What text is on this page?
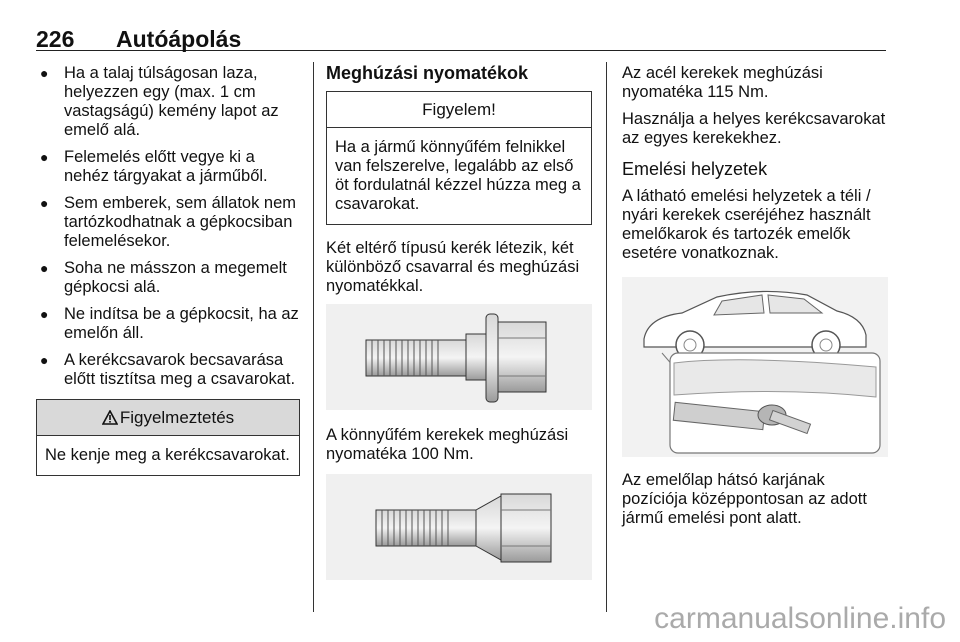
226 Autóápolás
● Ha a talaj túlságosan laza, helyezzen egy (max. 1 cm vastagságú) kemény lapot az emelő alá.
● Felemelés előtt vegye ki a nehéz tárgyakat a járműből.
● Sem emberek, sem állatok nem tartózkodhatnak a gépkocsiban felemelésekor.
● Soha ne másszon a megemelt gépkocsi alá.
● Ne indítsa be a gépkocsit, ha az emelőn áll.
● A kerékcsavarok becsavarása előtt tisztítsa meg a csavarokat.
Figyelmeztetés
Ne kenje meg a kerékcsavarokat.
Meghúzási nyomatékok
Figyelem!
Ha a jármű könnyűfém felnikkel van felszerelve, legalább az első öt fordulatnál kézzel húzza meg a csavarokat.

Két eltérő típusú kerék létezik, két különböző csavarral és meghúzási nyomatékkal.

A könnyűfém kerekek meghúzási nyomatéka 100 Nm.

Az acél kerekek meghúzási nyomatéka 115 Nm.

Használja a helyes kerékcsavarokat az egyes kerekekhez.

Emelési helyzetek

A látható emelési helyzetek a téli / nyári kerekek cseréjéhez használt emelőkarok és tartozék emelők esetére vonatkoznak.

Az emelőlap hátsó karjának pozíciója középpontosan az adott jármű emelési pont alatt.

carmanualsonline.info
